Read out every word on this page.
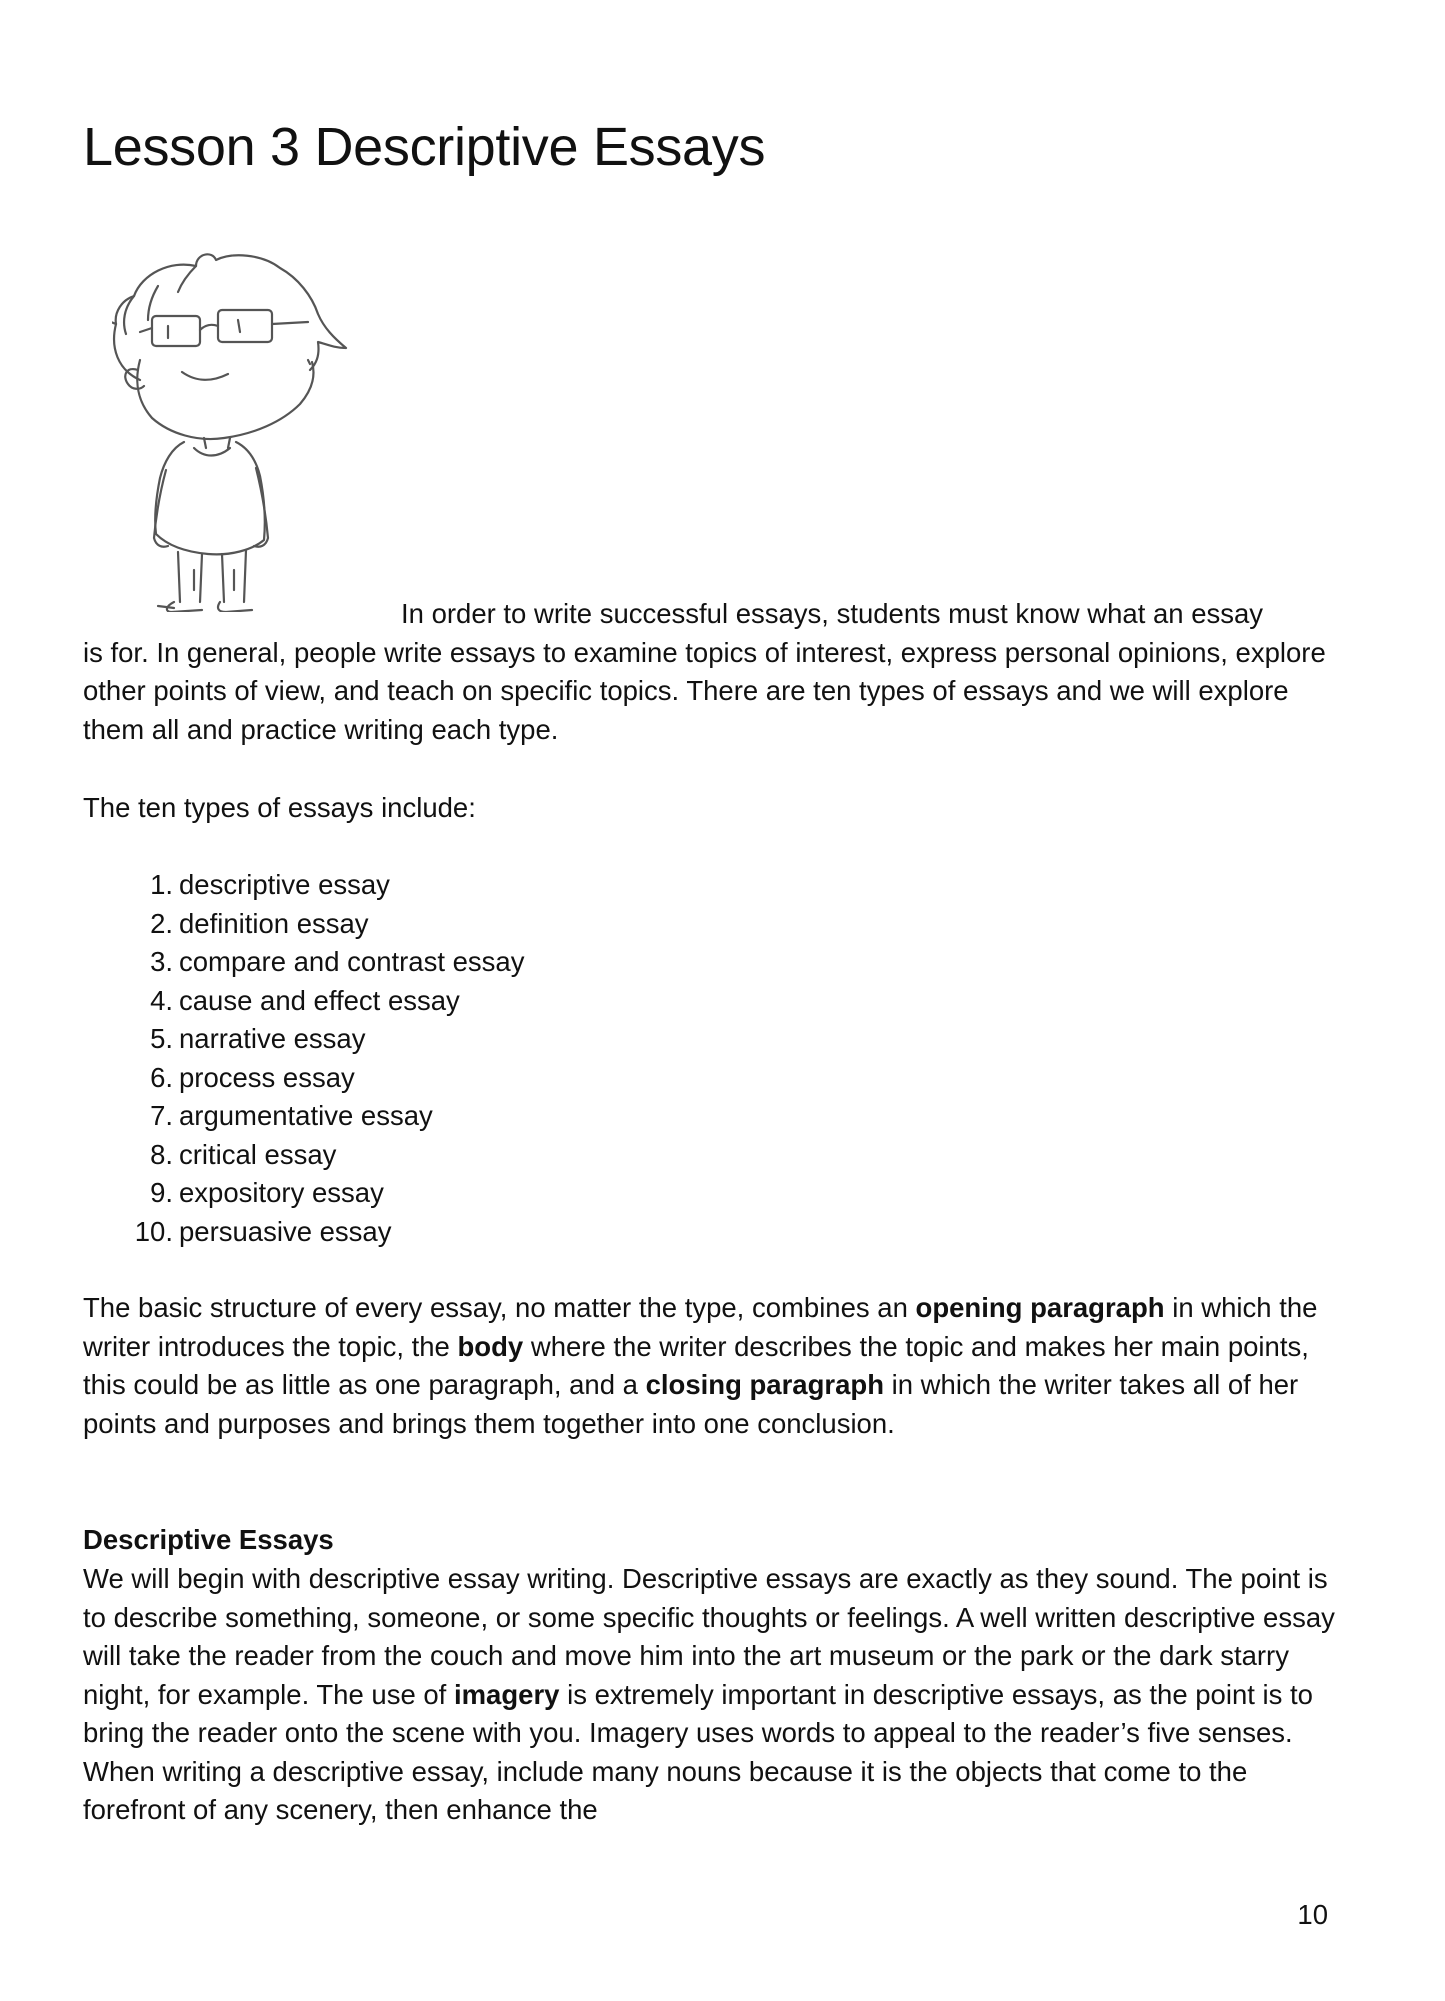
Lesson 3 Descriptive Essays

In order to write successful essays, students must know what an essay
is for. In general, people write essays to examine topics of interest, express personal opinions, explore other points of view, and teach on specific topics. There are ten types of essays and we will explore them all and practice writing each type.

The ten types of essays include:

1. descriptive essay
2. definition essay
3. compare and contrast essay
4. cause and effect essay
5. narrative essay
6. process essay
7. argumentative essay
8. critical essay
9. expository essay
10. persuasive essay

The basic structure of every essay, no matter the type, combines an opening paragraph in which the writer introduces the topic, the body where the writer describes the topic and makes her main points, this could be as little as one paragraph, and a closing paragraph in which the writer takes all of her points and purposes and brings them together into one conclusion.

Descriptive Essays

We will begin with descriptive essay writing. Descriptive essays are exactly as they sound. The point is to describe something, someone, or some specific thoughts or feelings. A well written descriptive essay will take the reader from the couch and move him into the art museum or the park or the dark starry night, for example. The use of imagery is extremely important in descriptive essays, as the point is to bring the reader onto the scene with you. Imagery uses words to appeal to the reader’s five senses. When writing a descriptive essay, include many nouns because it is the objects that come to the forefront of any scenery, then enhance the

10
